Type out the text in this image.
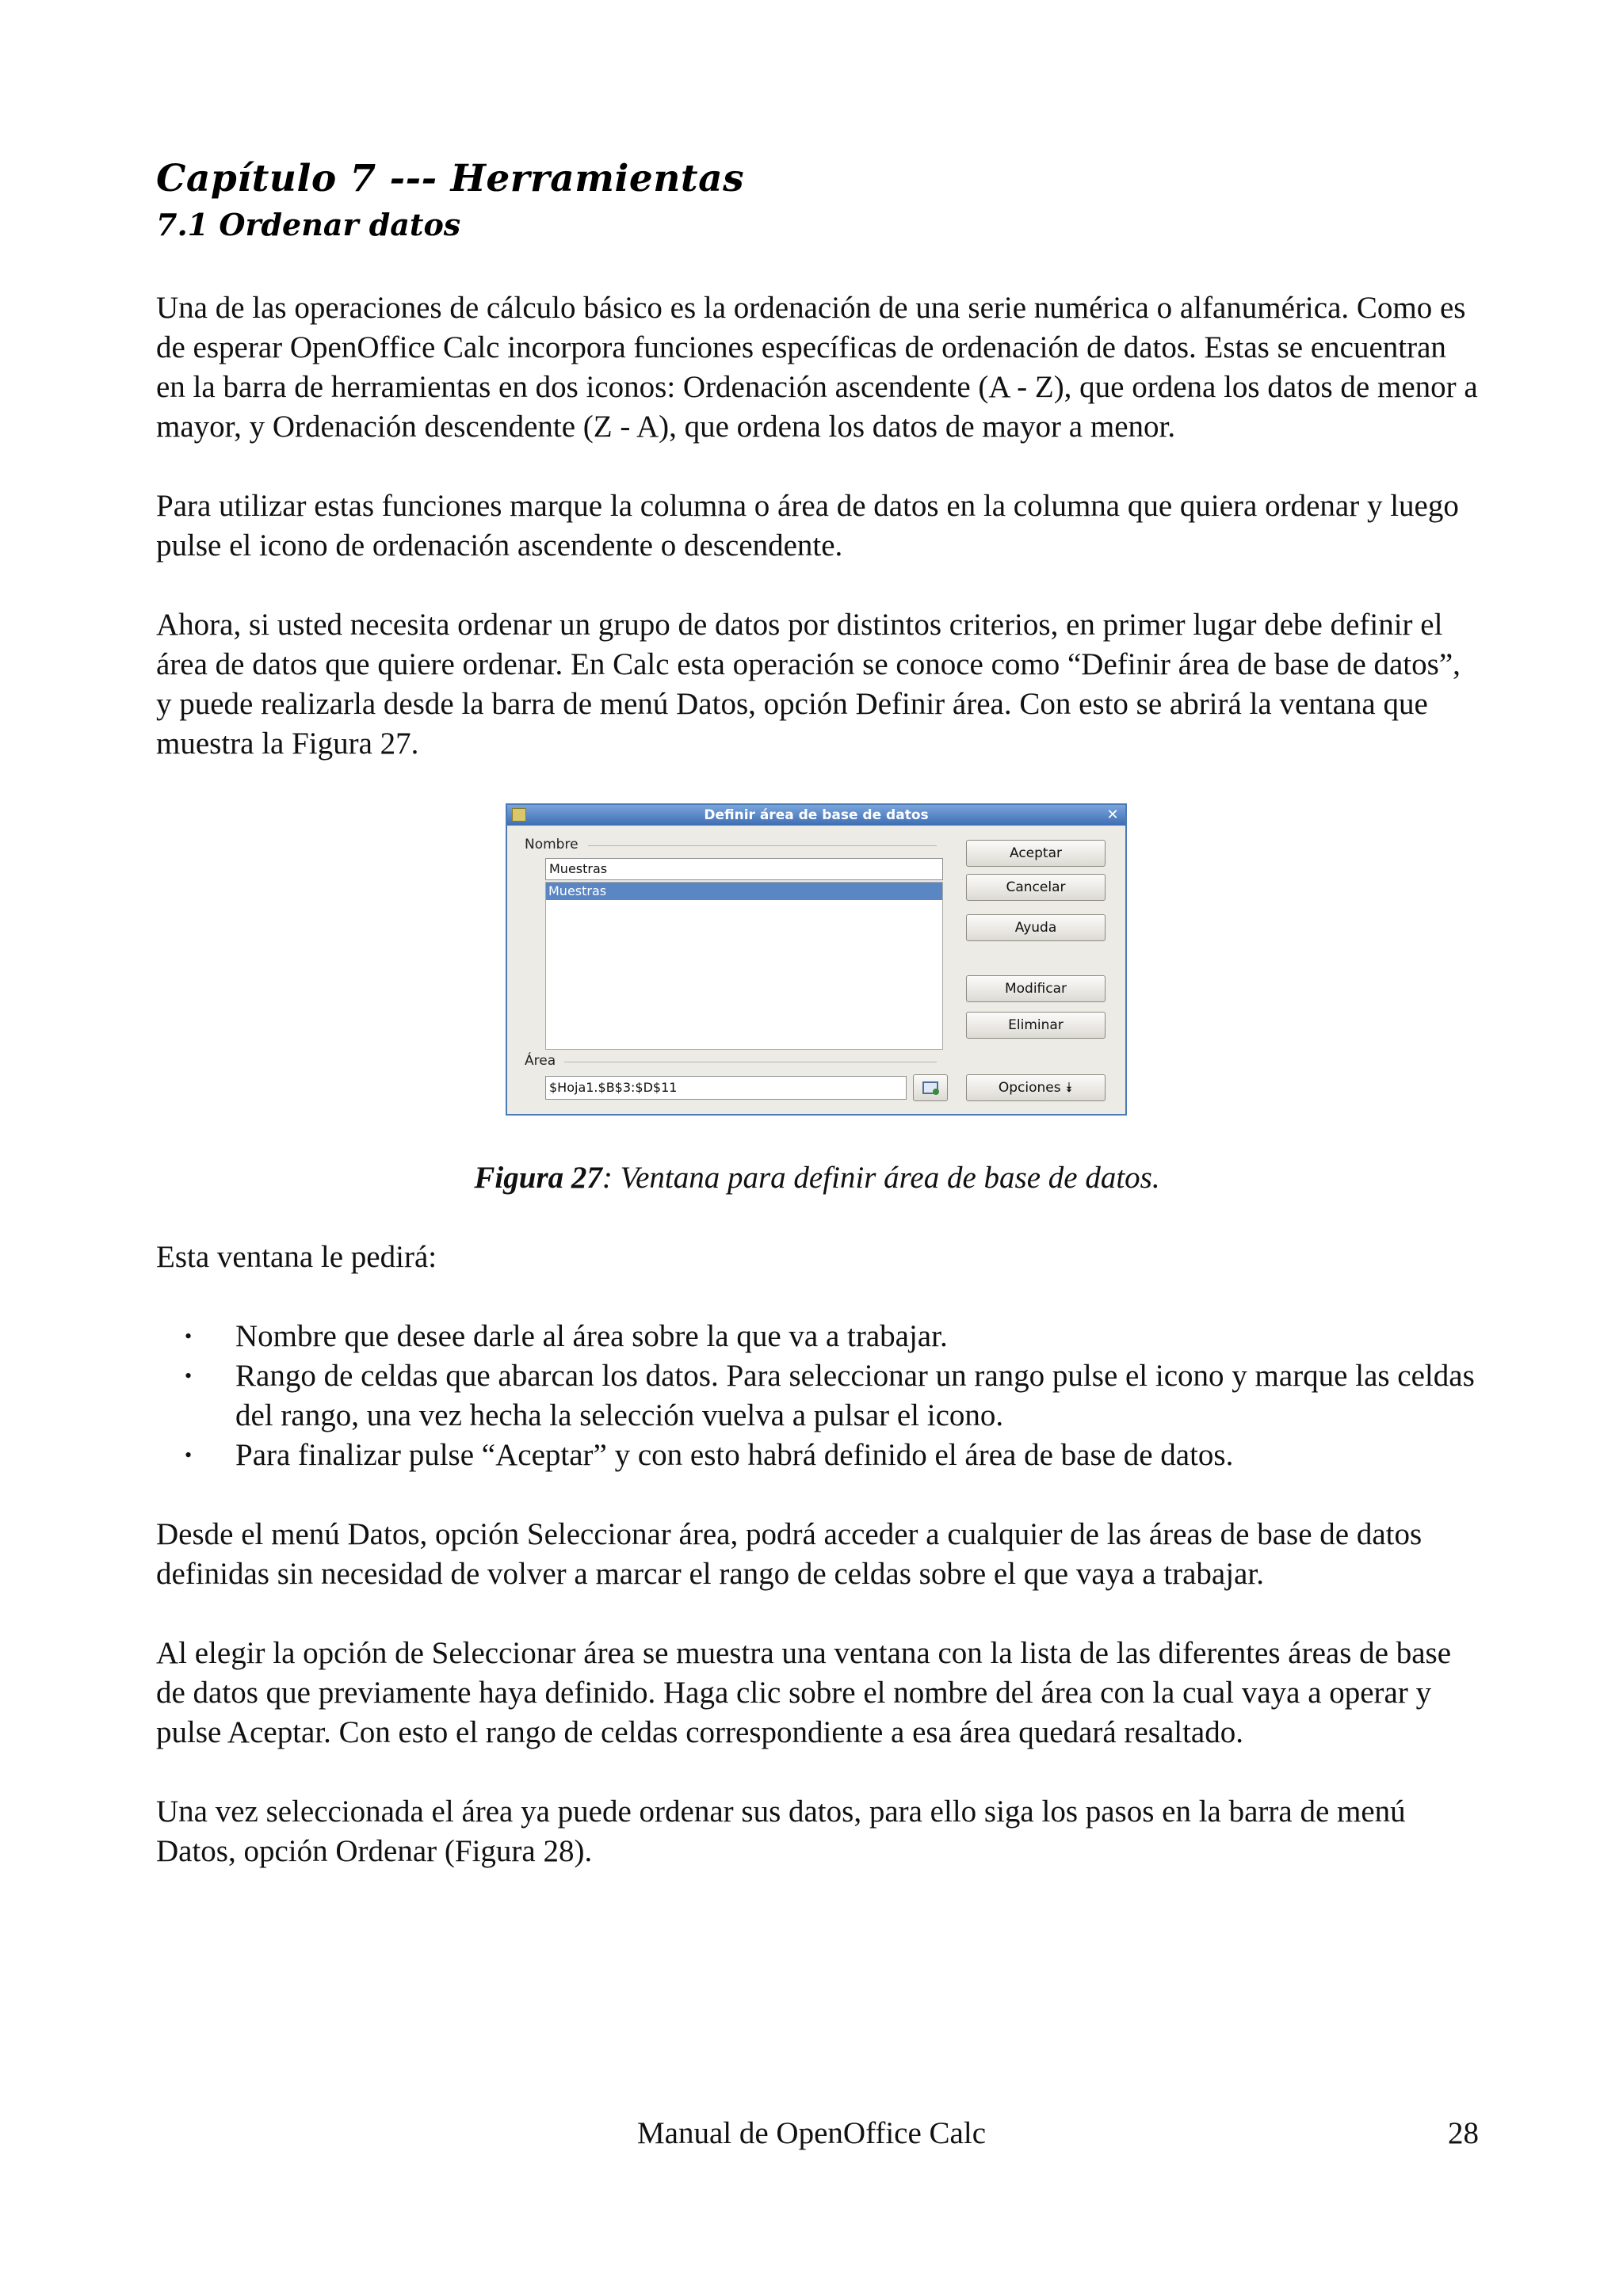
Capítulo 7 --- Herramientas
7.1 Ordenar datos

Una de las operaciones de cálculo básico es la ordenación de una serie numérica o alfanumérica. Como es de esperar OpenOffice Calc incorpora funciones específicas de ordenación de datos. Estas se encuentran en la barra de herramientas en dos iconos: Ordenación ascendente (A - Z), que ordena los datos de menor a mayor, y Ordenación descendente (Z - A), que ordena los datos de mayor a menor.

Para utilizar estas funciones marque la columna o área de datos en la columna que quiera ordenar y luego pulse el icono de ordenación ascendente o descendente.

Ahora, si usted necesita ordenar un grupo de datos por distintos criterios, en primer lugar debe definir el área de datos que quiere ordenar. En Calc esta operación se conoce como “Definir área de base de datos”, y puede realizarla desde la barra de menú Datos, opción Definir área. Con esto se abrirá la ventana que muestra la Figura 27.

Definir área de base de datos	✕
Nombre
Muestras
Muestras
Área
$Hoja1.$B$3:$D$11
Aceptar
Cancelar
Ayuda
Modificar
Eliminar
Opciones ⯯
Figura 27: Ventana para definir área de base de datos.

Esta ventana le pedirá:

• Nombre que desee darle al área sobre la que va a trabajar.
• Rango de celdas que abarcan los datos. Para seleccionar un rango pulse el icono y marque las celdas del rango, una vez hecha la selección vuelva a pulsar el icono.
• Para finalizar pulse “Aceptar” y con esto habrá definido el área de base de datos.

Desde el menú Datos, opción Seleccionar área, podrá acceder a cualquier de las áreas de base de datos definidas sin necesidad de volver a marcar el rango de celdas sobre el que vaya a trabajar.

Al elegir la opción de Seleccionar área se muestra una ventana con la lista de las diferentes áreas de base de datos que previamente haya definido. Haga clic sobre el nombre del área con la cual vaya a operar y pulse Aceptar. Con esto el rango de celdas correspondiente a esa área quedará resaltado.

Una vez seleccionada el área ya puede ordenar sus datos, para ello siga los pasos en la barra de menú Datos, opción Ordenar (Figura 28).

Manual de OpenOffice Calc	28
